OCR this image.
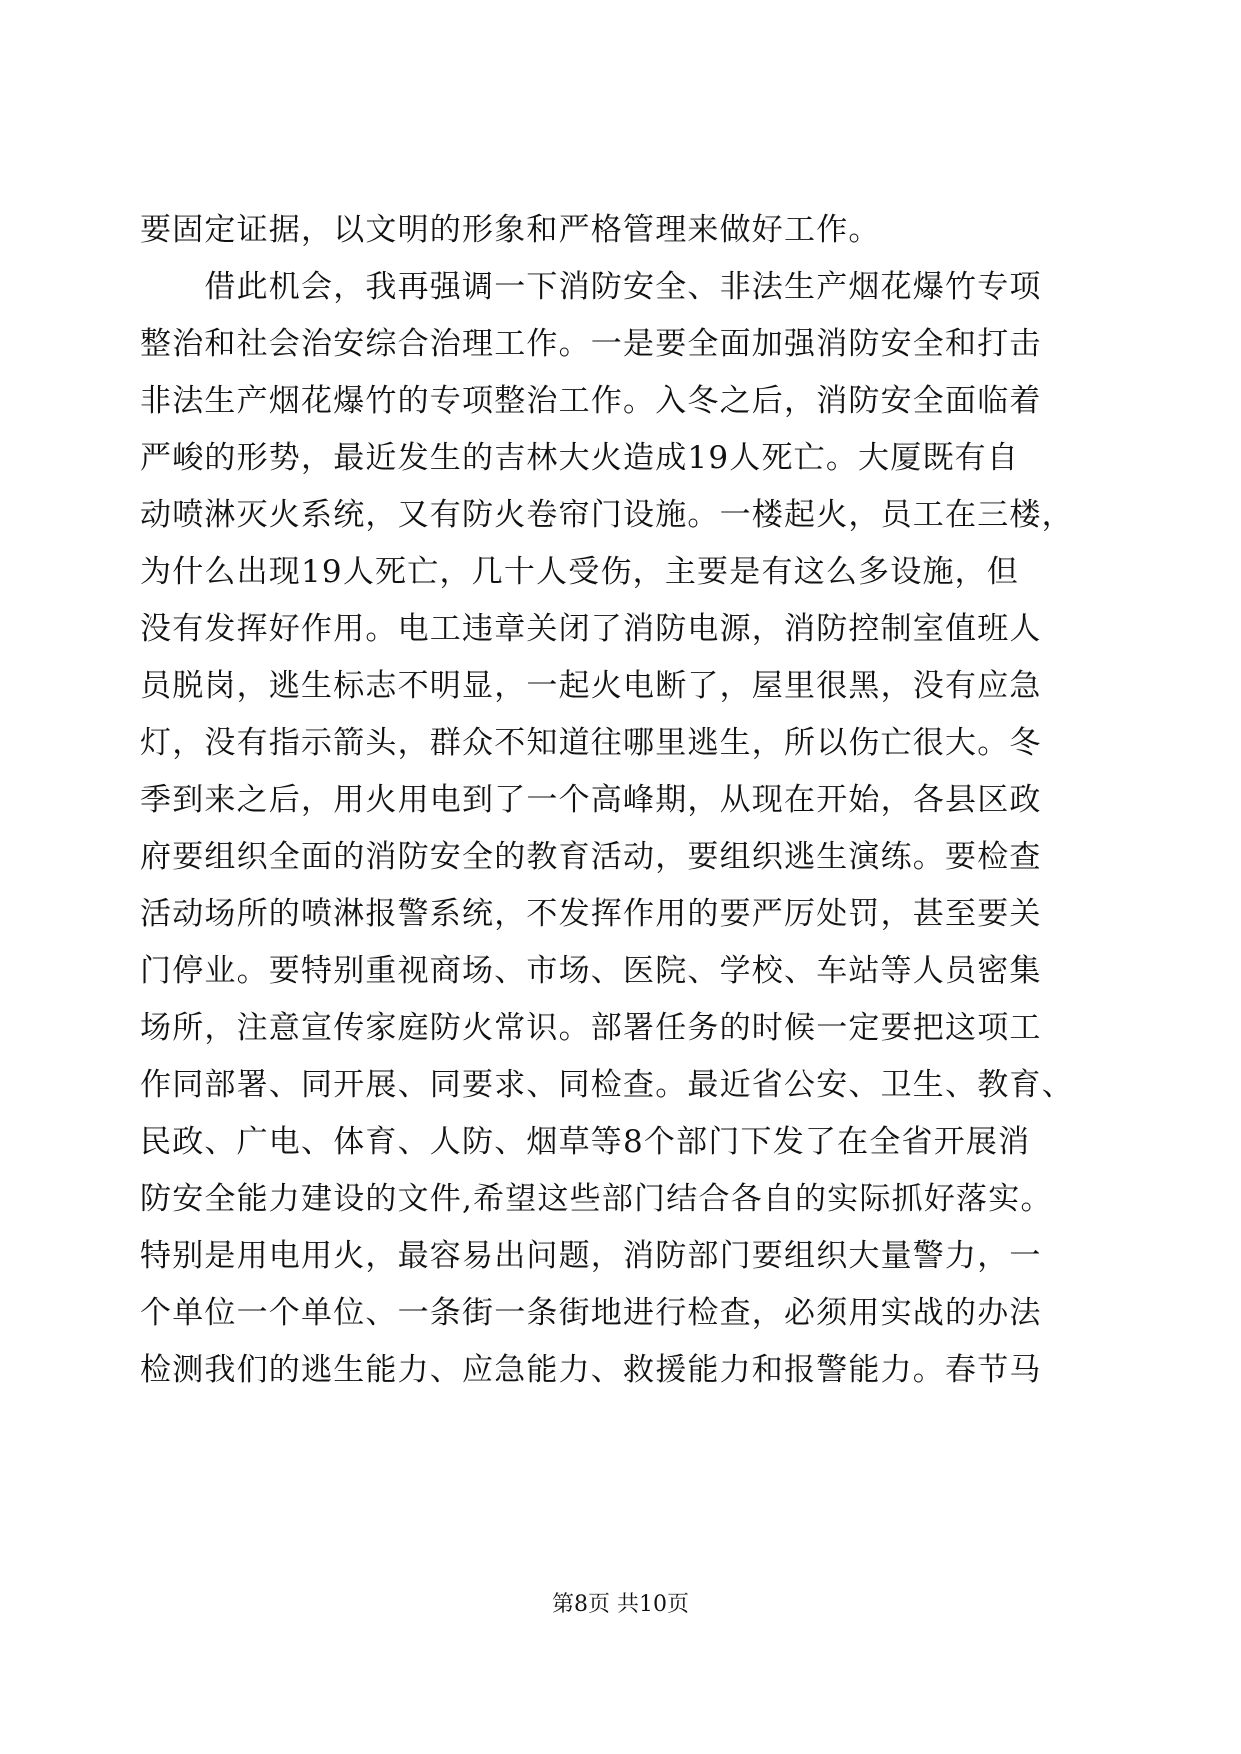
要固定证据，以文明的形象和严格管理来做好工作。
　　借此机会，我再强调一下消防安全、非法生产烟花爆竹专项
整治和社会治安综合治理工作。一是要全面加强消防安全和打击
非法生产烟花爆竹的专项整治工作。入冬之后，消防安全面临着
严峻的形势，最近发生的吉林大火造成19人死亡。大厦既有自
动喷淋灭火系统，又有防火卷帘门设施。一楼起火，员工在三楼，
为什么出现19人死亡，几十人受伤，主要是有这么多设施，但
没有发挥好作用。电工违章关闭了消防电源，消防控制室值班人
员脱岗，逃生标志不明显，一起火电断了，屋里很黑，没有应急
灯，没有指示箭头，群众不知道往哪里逃生，所以伤亡很大。冬
季到来之后，用火用电到了一个高峰期，从现在开始，各县区政
府要组织全面的消防安全的教育活动，要组织逃生演练。要检查
活动场所的喷淋报警系统，不发挥作用的要严厉处罚，甚至要关
门停业。要特别重视商场、市场、医院、学校、车站等人员密集
场所，注意宣传家庭防火常识。部署任务的时候一定要把这项工
作同部署、同开展、同要求、同检查。最近省公安、卫生、教育、
民政、广电、体育、人防、烟草等8个部门下发了在全省开展消
防安全能力建设的文件,希望这些部门结合各自的实际抓好落实。
特别是用电用火，最容易出问题，消防部门要组织大量警力，一
个单位一个单位、一条街一条街地进行检查，必须用实战的办法
检测我们的逃生能力、应急能力、救援能力和报警能力。春节马
第8页 共10页
